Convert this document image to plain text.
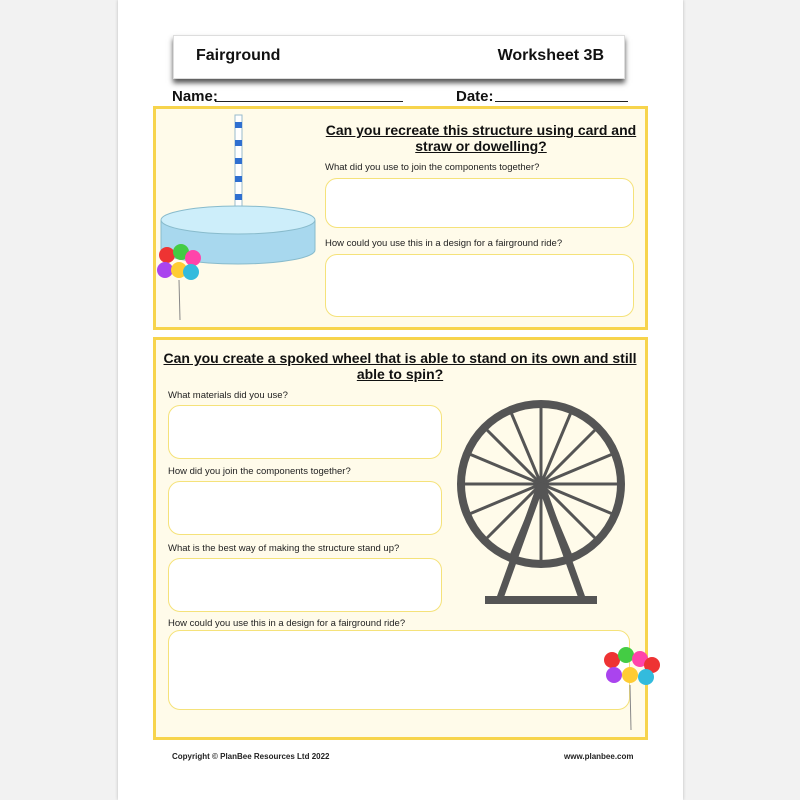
Fairground	Worksheet 3B
Name:	Date:
Can you recreate this structure using card and straw or dowelling?
What did you use to join the components together?
How could you use this in a design for a fairground ride?
Can you create a spoked wheel that is able to stand on its own and still able to spin?
What materials did you use?
How did you join the components together?
What is the best way of making the structure stand up?
How could you use this in a design for a fairground ride?
Copyright © PlanBee Resources Ltd 2022	www.planbee.com
